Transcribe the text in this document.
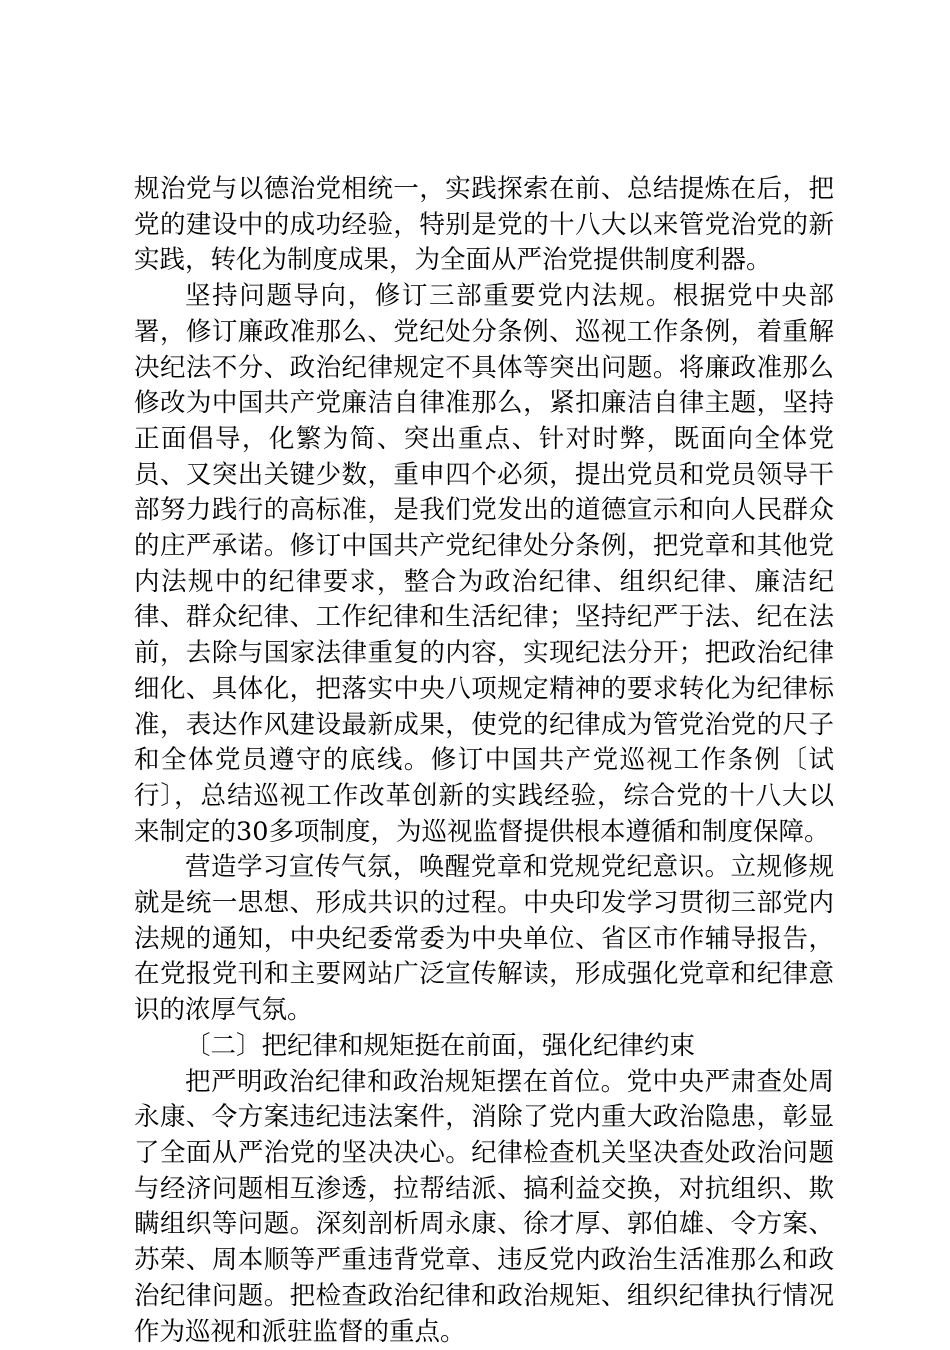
规治党与以德治党相统一，实践探索在前、总结提炼在后，把党的建设中的成功经验，特别是党的十八大以来管党治党的新实践，转化为制度成果，为全面从严治党提供制度利器。

坚持问题导向，修订三部重要党内法规。根据党中央部署，修订廉政准那么、党纪处分条例、巡视工作条例，着重解决纪法不分、政治纪律规定不具体等突出问题。将廉政准那么修改为中国共产党廉洁自律准那么，紧扣廉洁自律主题，坚持正面倡导，化繁为简、突出重点、针对时弊，既面向全体党员、又突出关键少数，重申四个必须，提出党员和党员领导干部努力践行的高标准，是我们党发出的道德宣示和向人民群众的庄严承诺。修订中国共产党纪律处分条例，把党章和其他党内法规中的纪律要求，整合为政治纪律、组织纪律、廉洁纪律、群众纪律、工作纪律和生活纪律；坚持纪严于法、纪在法前，去除与国家法律重复的内容，实现纪法分开；把政治纪律细化、具体化，把落实中央八项规定精神的要求转化为纪律标准，表达作风建设最新成果，使党的纪律成为管党治党的尺子和全体党员遵守的底线。修订中国共产党巡视工作条例〔试行〕，总结巡视工作改革创新的实践经验，综合党的十八大以来制定的30多项制度，为巡视监督提供根本遵循和制度保障。

营造学习宣传气氛，唤醒党章和党规党纪意识。立规修规就是统一思想、形成共识的过程。中央印发学习贯彻三部党内法规的通知，中央纪委常委为中央单位、省区市作辅导报告，在党报党刊和主要网站广泛宣传解读，形成强化党章和纪律意识的浓厚气氛。

〔二〕把纪律和规矩挺在前面，强化纪律约束

把严明政治纪律和政治规矩摆在首位。党中央严肃查处周永康、令方案违纪违法案件，消除了党内重大政治隐患，彰显了全面从严治党的坚决决心。纪律检查机关坚决查处政治问题与经济问题相互渗透，拉帮结派、搞利益交换，对抗组织、欺瞒组织等问题。深刻剖析周永康、徐才厚、郭伯雄、令方案、苏荣、周本顺等严重违背党章、违反党内政治生活准那么和政治纪律问题。把检查政治纪律和政治规矩、组织纪律执行情况作为巡视和派驻监督的重点。
